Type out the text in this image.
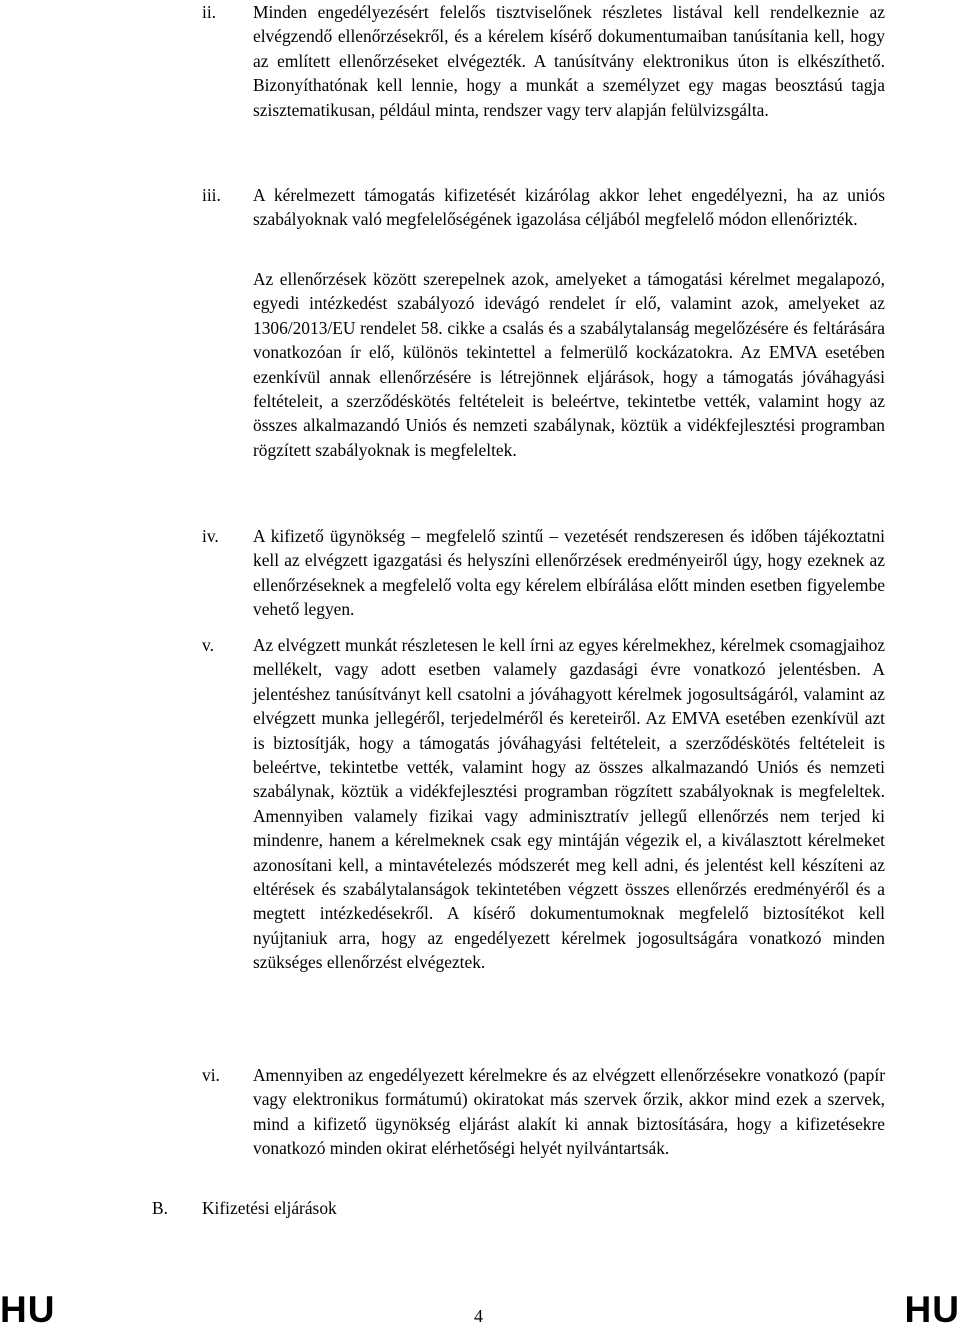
ii. Minden engedélyezésért felelős tisztviselőnek részletes listával kell rendelkeznie az elvégzendő ellenőrzésekről, és a kérelem kísérő dokumentumaiban tanúsítania kell, hogy az említett ellenőrzéseket elvégezték. A tanúsítvány elektronikus úton is elkészíthető. Bizonyíthatónak kell lennie, hogy a munkát a személyzet egy magas beosztású tagja szisztematikusan, például minta, rendszer vagy terv alapján felülvizsgálta.

iii. A kérelmezett támogatás kifizetését kizárólag akkor lehet engedélyezni, ha az uniós szabályoknak való megfelelőségének igazolása céljából megfelelő módon ellenőrizték.

Az ellenőrzések között szerepelnek azok, amelyeket a támogatási kérelmet megalapozó, egyedi intézkedést szabályozó idevágó rendelet ír elő, valamint azok, amelyeket az 1306/2013/EU rendelet 58. cikke a csalás és a szabálytalanság megelőzésére és feltárására vonatkozóan ír elő, különös tekintettel a felmerülő kockázatokra. Az EMVA esetében ezenkívül annak ellenőrzésére is létrejönnek eljárások, hogy a támogatás jóváhagyási feltételeit, a szerződéskötés feltételeit is beleértve, tekintetbe vették, valamint hogy az összes alkalmazandó Uniós és nemzeti szabálynak, köztük a vidékfejlesztési programban rögzített szabályoknak is megfeleltek.

iv. A kifizető ügynökség – megfelelő szintű – vezetését rendszeresen és időben tájékoztatni kell az elvégzett igazgatási és helyszíni ellenőrzések eredményeiről úgy, hogy ezeknek az ellenőrzéseknek a megfelelő volta egy kérelem elbírálása előtt minden esetben figyelembe vehető legyen.

v. Az elvégzett munkát részletesen le kell írni az egyes kérelmekhez, kérelmek csomagjaihoz mellékelt, vagy adott esetben valamely gazdasági évre vonatkozó jelentésben. A jelentéshez tanúsítványt kell csatolni a jóváhagyott kérelmek jogosultságáról, valamint az elvégzett munka jellegéről, terjedelméről és kereteiről. Az EMVA esetében ezenkívül azt is biztosítják, hogy a támogatás jóváhagyási feltételeit, a szerződéskötés feltételeit is beleértve, tekintetbe vették, valamint hogy az összes alkalmazandó Uniós és nemzeti szabálynak, köztük a vidékfejlesztési programban rögzített szabályoknak is megfeleltek. Amennyiben valamely fizikai vagy adminisztratív jellegű ellenőrzés nem terjed ki mindenre, hanem a kérelmeknek csak egy mintáján végezik el, a kiválasztott kérelmeket azonosítani kell, a mintavételezés módszerét meg kell adni, és jelentést kell készíteni az eltérések és szabálytalanságok tekintetében végzett összes ellenőrzés eredményéről és a megtett intézkedésekről. A kísérő dokumentumoknak megfelelő biztosítékot kell nyújtaniuk arra, hogy az engedélyezett kérelmek jogosultságára vonatkozó minden szükséges ellenőrzést elvégeztek.

vi. Amennyiben az engedélyezett kérelmekre és az elvégzett ellenőrzésekre vonatkozó (papír vagy elektronikus formátumú) okiratokat más szervek őrzik, akkor mind ezek a szervek, mind a kifizető ügynökség eljárást alakít ki annak biztosítására, hogy a kifizetésekre vonatkozó minden okirat elérhetőségi helyét nyilvántartsák.

B. Kifizetési eljárások
HU	4	HU
